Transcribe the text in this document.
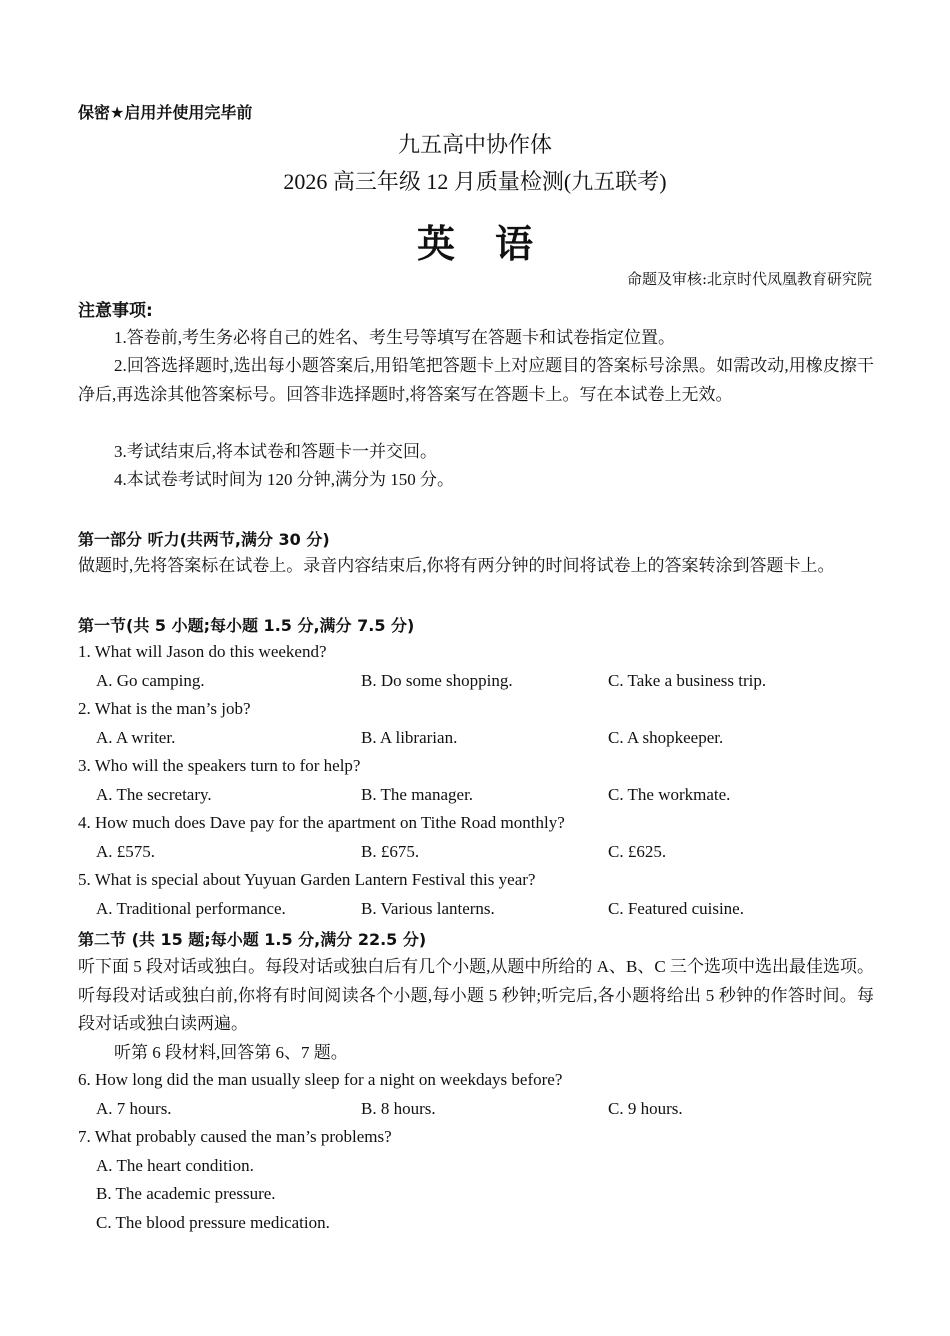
保密★启用并使用完毕前
九五高中协作体
2026 高三年级 12 月质量检测(九五联考)
英语
命题及审核:北京时代凤凰教育研究院
注意事项:
1.答卷前,考生务必将自己的姓名、考生号等填写在答题卡和试卷指定位置。
2.回答选择题时,选出每小题答案后,用铅笔把答题卡上对应题目的答案标号涂黑。如需改动,用橡皮擦干净后,再选涂其他答案标号。回答非选择题时,将答案写在答题卡上。写在本试卷上无效。
3.考试结束后,将本试卷和答题卡一并交回。
4.本试卷考试时间为 120 分钟,满分为 150 分。
第一部分 听力(共两节,满分 30 分)
做题时,先将答案标在试卷上。录音内容结束后,你将有两分钟的时间将试卷上的答案转涂到答题卡上。
第一节(共 5 小题;每小题 1.5 分,满分 7.5 分)
1. What will Jason do this weekend?
A. Go camping.	B. Do some shopping.	C. Take a business trip.
2. What is the man’s job?
A. A writer.	B. A librarian.	C. A shopkeeper.
3. Who will the speakers turn to for help?
A. The secretary.	B. The manager.	C. The workmate.
4. How much does Dave pay for the apartment on Tithe Road monthly?
A. £575.	B. £675.	C. £625.
5. What is special about Yuyuan Garden Lantern Festival this year?
A. Traditional performance.	B. Various lanterns.	C. Featured cuisine.
第二节 (共 15 题;每小题 1.5 分,满分 22.5 分)
听下面 5 段对话或独白。每段对话或独白后有几个小题,从题中所给的 A、B、C 三个选项中选出最佳选项。听每段对话或独白前,你将有时间阅读各个小题,每小题 5 秒钟;听完后,各小题将给出 5 秒钟的作答时间。每段对话或独白读两遍。
听第 6 段材料,回答第 6、7 题。
6. How long did the man usually sleep for a night on weekdays before?
A. 7 hours.	B. 8 hours.	C. 9 hours.
7. What probably caused the man’s problems?
A. The heart condition.
B. The academic pressure.
C. The blood pressure medication.
